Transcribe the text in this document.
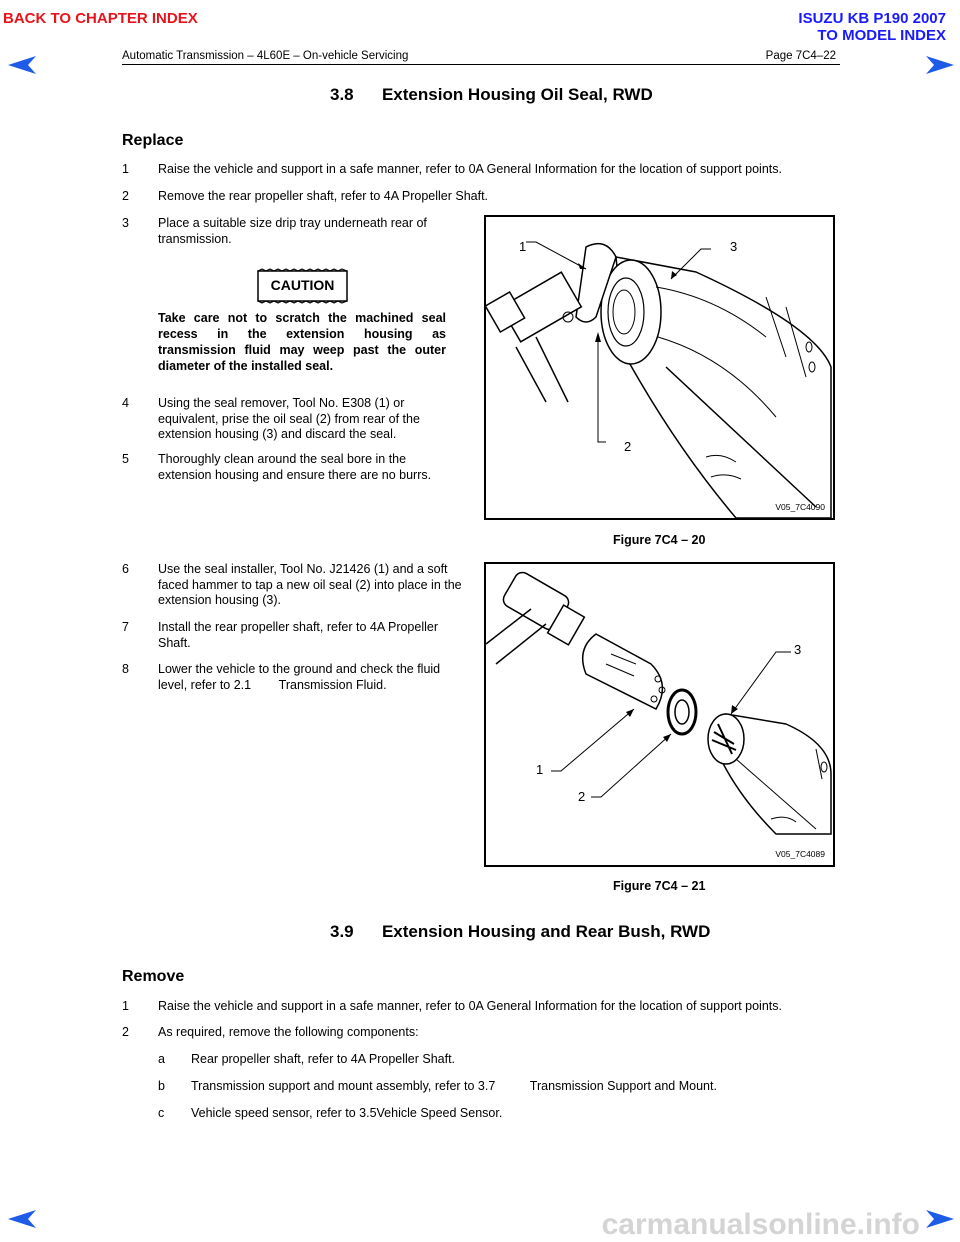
BACK TO CHAPTER INDEX	ISUZU KB P190 2007
TO MODEL INDEX
Automatic Transmission – 4L60E – On-vehicle Servicing	Page 7C4–22
3.8      Extension Housing Oil Seal, RWD
Replace
1	Raise the vehicle and support in a safe manner, refer to 0A General Information for the location of support points.
2	Remove the rear propeller shaft, refer to 4A Propeller Shaft.
3	Place a suitable size drip tray underneath rear of transmission.
CAUTION
Take care not to scratch the machined seal recess in the extension housing as transmission fluid may weep past the outer diameter of the installed seal.
4	Using the seal remover, Tool No. E308 (1) or equivalent, prise the oil seal (2) from rear of the extension housing (3) and discard the seal.
5	Thoroughly clean around the seal bore in the extension housing and ensure there are no burrs.
1
2
3
V05_7C4090
Figure 7C4 – 20
6	Use the seal installer, Tool No. J21426 (1) and a soft faced hammer to tap a new oil seal (2) into place in the extension housing (3).
7	Install the rear propeller shaft, refer to 4A Propeller Shaft.
8	Lower the vehicle to the ground and check the fluid level, refer to 2.1        Transmission Fluid.
1
2
3
V05_7C4089
Figure 7C4 – 21
3.9      Extension Housing and Rear Bush, RWD
Remove
1	Raise the vehicle and support in a safe manner, refer to 0A General Information for the location of support points.
2	As required, remove the following components:
a Rear propeller shaft, refer to 4A Propeller Shaft.
b Transmission support and mount assembly, refer to 3.7          Transmission Support and Mount.
c Vehicle speed sensor, refer to 3.5Vehicle Speed Sensor.
carmanualsonline.info
